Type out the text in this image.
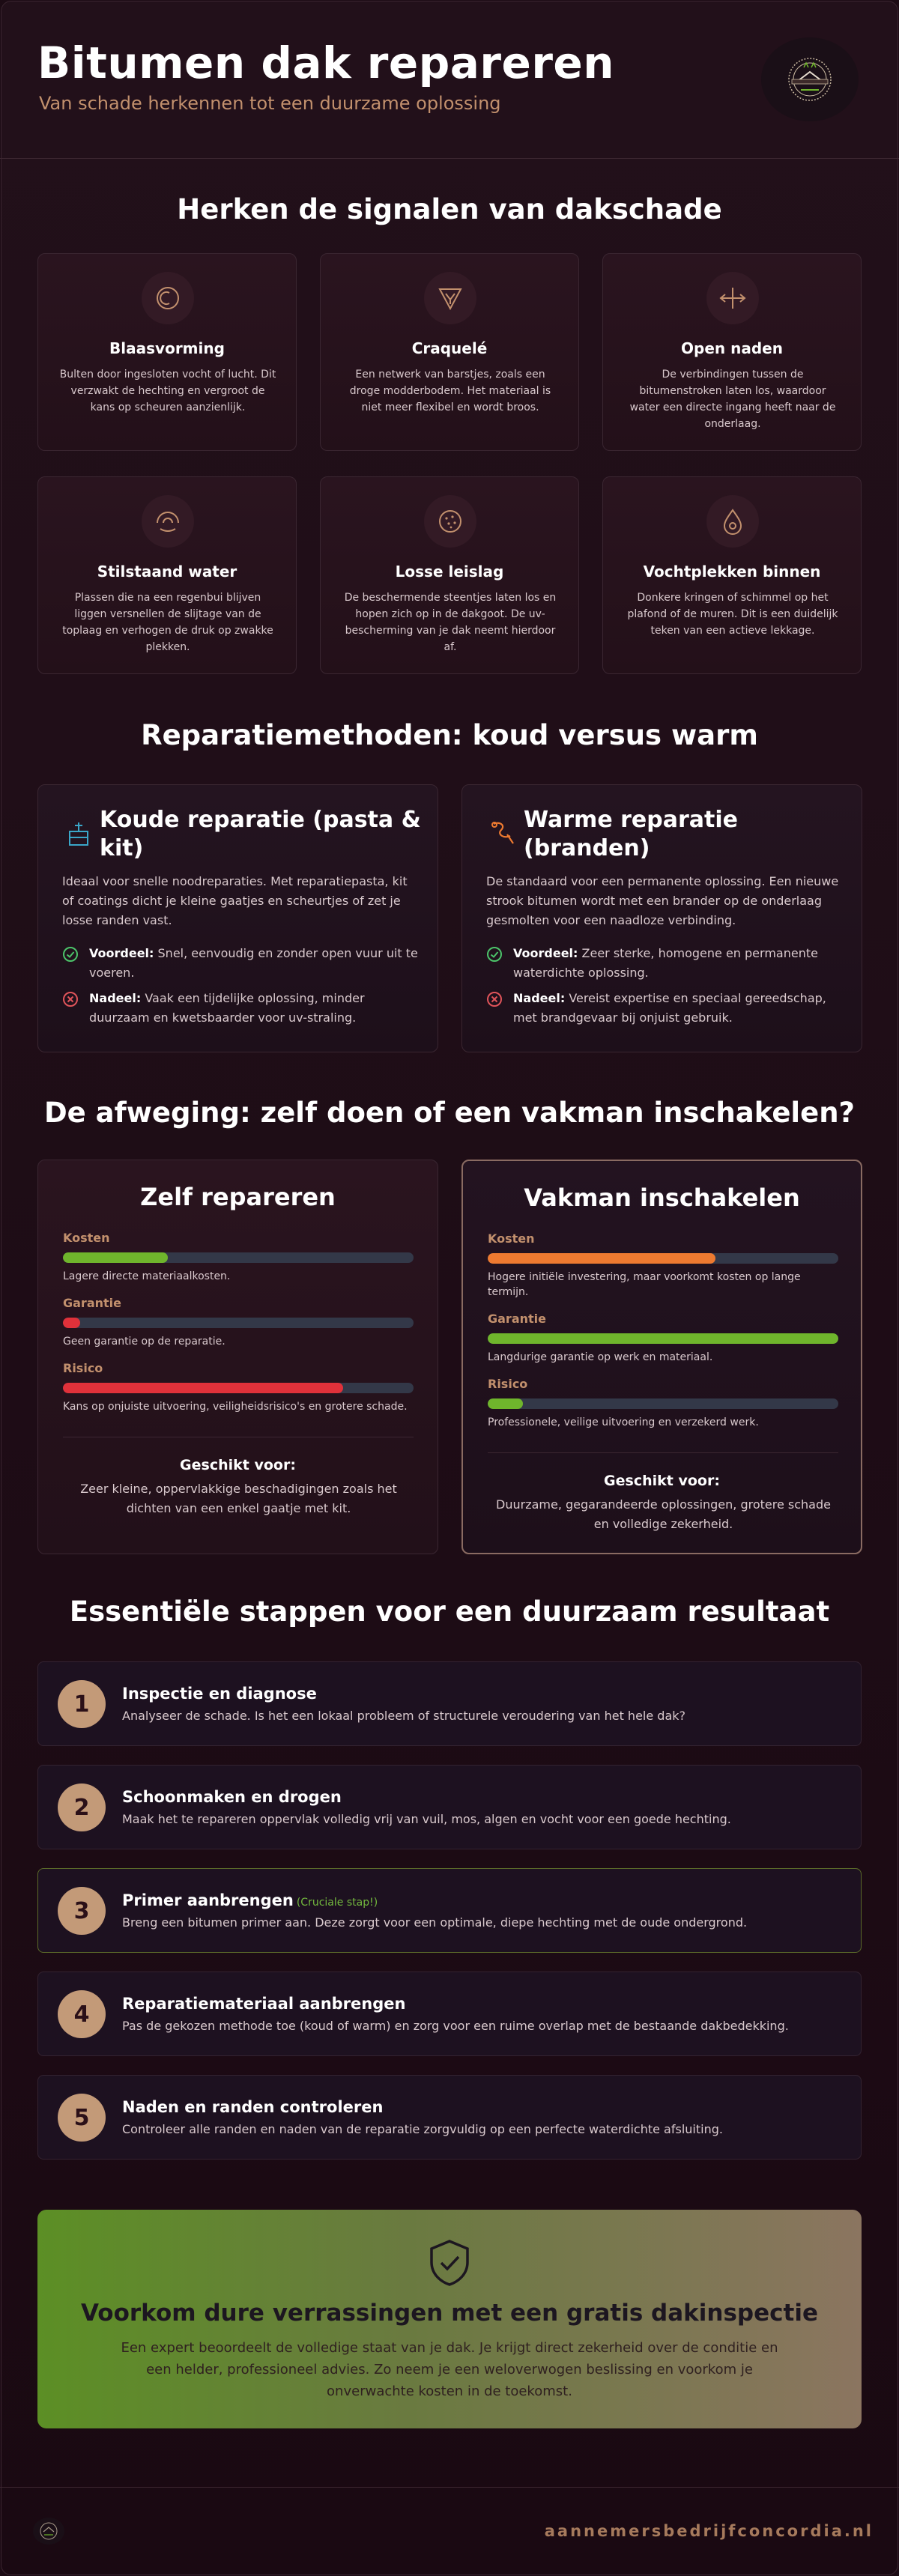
Bitumen dak repareren
Van schade herkennen tot een duurzame oplossing
Herken de signalen van dakschade
Blaasvorming
Bulten door ingesloten vocht of lucht. Dit verzwakt de hechting en vergroot de kans op scheuren aanzienlijk.
Craquelé
Een netwerk van barstjes, zoals een droge modderbodem. Het materiaal is niet meer flexibel en wordt broos.
Open naden
De verbindingen tussen de bitumenstroken laten los, waardoor water een directe ingang heeft naar de onderlaag.
Stilstaand water
Plassen die na een regenbui blijven liggen versnellen de slijtage van de toplaag en verhogen de druk op zwakke plekken.
Losse leislag
De beschermende steentjes laten los en hopen zich op in de dakgoot. De uv-bescherming van je dak neemt hierdoor af.
Vochtplekken binnen
Donkere kringen of schimmel op het plafond of de muren. Dit is een duidelijk teken van een actieve lekkage.
Reparatiemethoden: koud versus warm
Koude reparatie (pasta & kit)
Ideaal voor snelle noodreparaties. Met reparatiepasta, kit of coatings dicht je kleine gaatjes en scheurtjes of zet je losse randen vast.
Voordeel: Snel, eenvoudig en zonder open vuur uit te voeren.
Nadeel: Vaak een tijdelijke oplossing, minder duurzaam en kwetsbaarder voor uv-straling.
Warme reparatie (branden)
De standaard voor een permanente oplossing. Een nieuwe strook bitumen wordt met een brander op de onderlaag gesmolten voor een naadloze verbinding.
Voordeel: Zeer sterke, homogene en permanente waterdichte oplossing.
Nadeel: Vereist expertise en speciaal gereedschap, met brandgevaar bij onjuist gebruik.
De afweging: zelf doen of een vakman inschakelen?
Zelf repareren
Kosten
Lagere directe materiaalkosten.
Garantie
Geen garantie op de reparatie.
Risico
Kans op onjuiste uitvoering, veiligheidsrisico's en grotere schade.
Geschikt voor:
Zeer kleine, oppervlakkige beschadigingen zoals het dichten van een enkel gaatje met kit.
Vakman inschakelen
Kosten
Hogere initiële investering, maar voorkomt kosten op lange termijn.
Garantie
Langdurige garantie op werk en materiaal.
Risico
Professionele, veilige uitvoering en verzekerd werk.
Geschikt voor:
Duurzame, gegarandeerde oplossingen, grotere schade en volledige zekerheid.
Essentiële stappen voor een duurzaam resultaat
1	Inspectie en diagnose
Analyseer de schade. Is het een lokaal probleem of structurele veroudering van het hele dak?
2	Schoonmaken en drogen
Maak het te repareren oppervlak volledig vrij van vuil, mos, algen en vocht voor een goede hechting.
3	Primer aanbrengen (Cruciale stap!)
Breng een bitumen primer aan. Deze zorgt voor een optimale, diepe hechting met de oude ondergrond.
4	Reparatiemateriaal aanbrengen
Pas de gekozen methode toe (koud of warm) en zorg voor een ruime overlap met de bestaande dakbedekking.
5	Naden en randen controleren
Controleer alle randen en naden van de reparatie zorgvuldig op een perfecte waterdichte afsluiting.
Voorkom dure verrassingen met een gratis dakinspectie

Een expert beoordeelt de volledige staat van je dak. Je krijgt direct zekerheid over de conditie en een helder, professioneel advies. Zo neem je een weloverwogen beslissing en voorkom je onverwachte kosten in de toekomst.

aannemersbedrijfconcordia.nl
